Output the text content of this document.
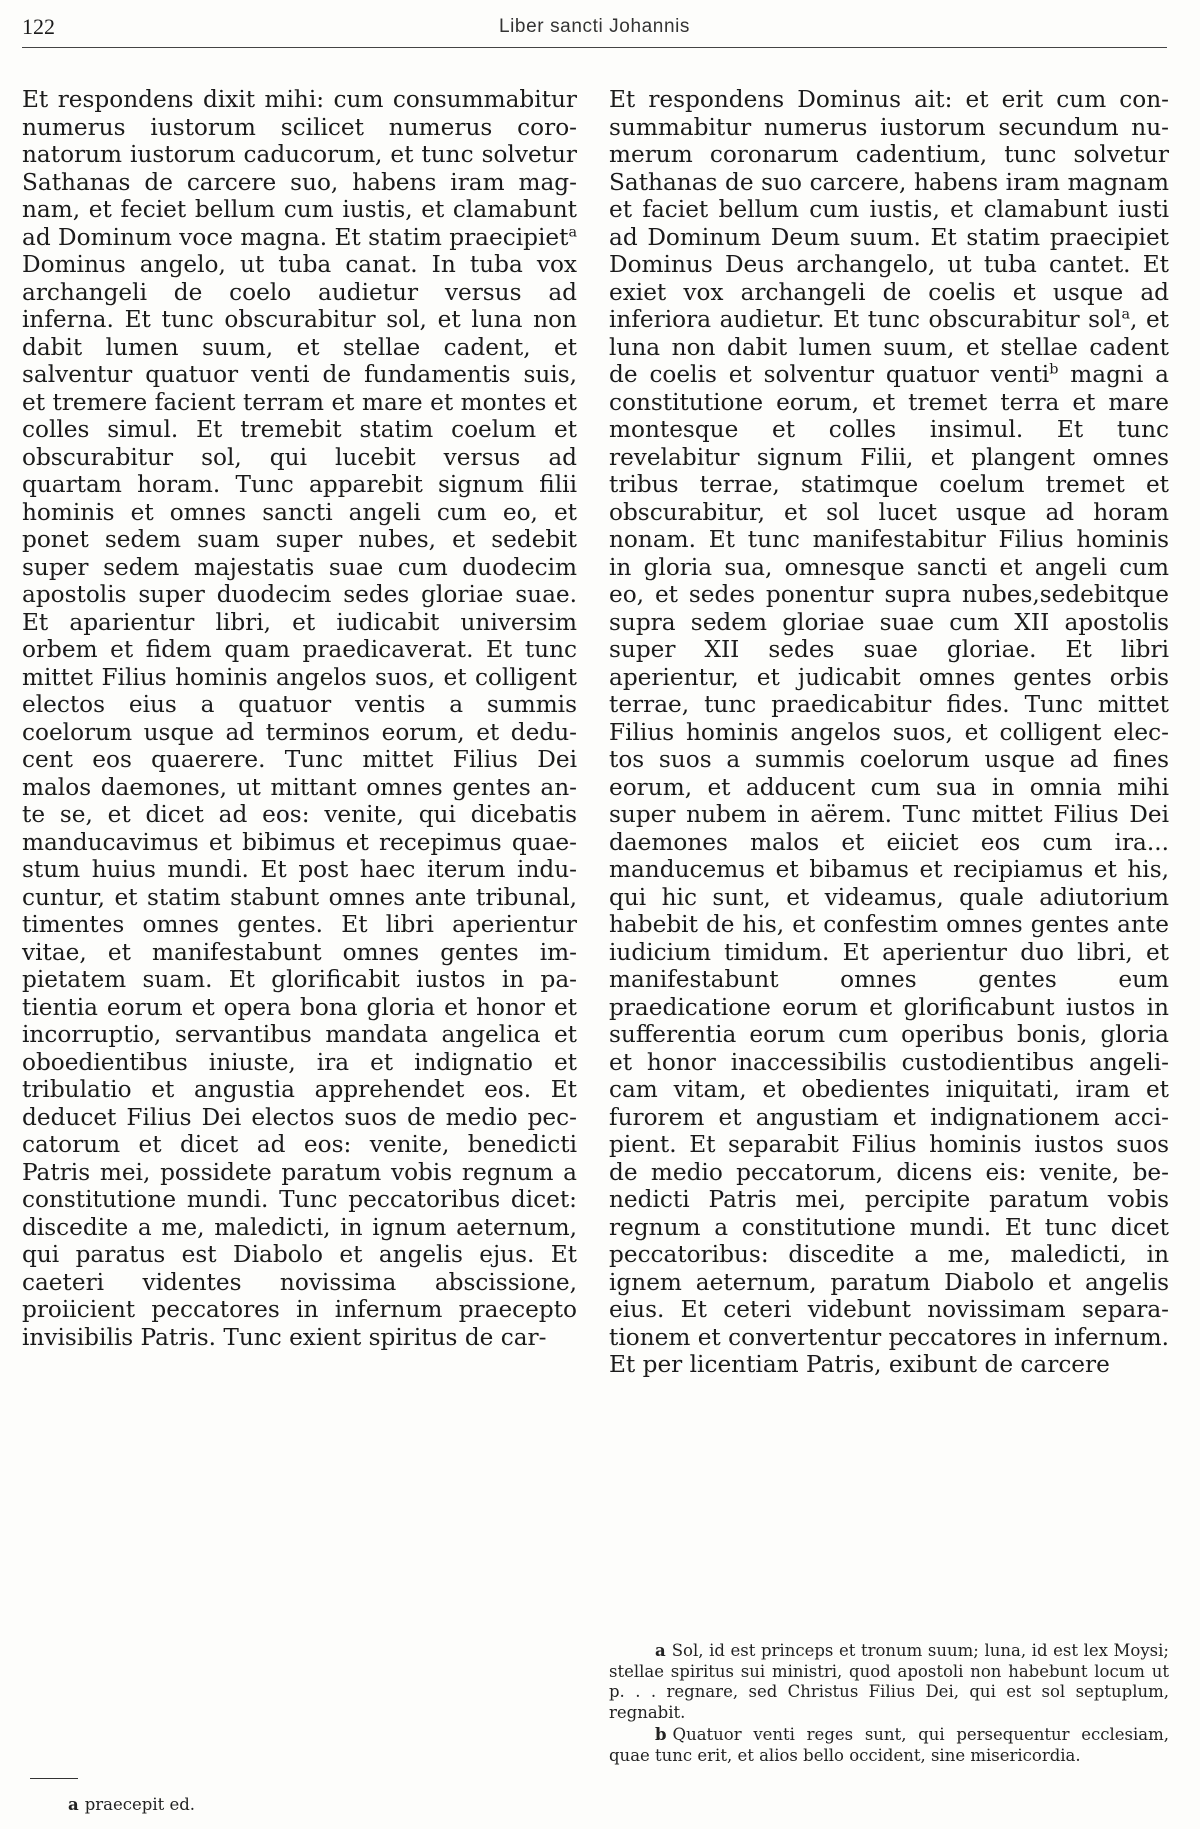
122	Liber sancti Johannis

Et respondens dixit mihi: cum consummabitur numerus iustorum scilicet numerus coronatorum iustorum caducorum, et tunc solvetur Sathanas de carcere suo, habens iram magnam, et feciet bellum cum iustis, et clamabunt ad Dominum voce magna. Et statim praecipiet$^a$ Dominus angelo, ut tuba canat. In tuba vox archangeli de coelo audietur versus ad inferna. Et tunc obscurabitur sol, et luna non dabit lumen suum, et stellae cadent, et salventur quatuor venti de fundamentis suis, et tremere facient terram et mare et montes et colles simul. Et tremebit statim coelum et obscurabitur sol, qui lucebit versus ad quartam horam. Tunc apparebit signum filii hominis et omnes sancti angeli cum eo, et ponet sedem suam super nubes, et sedebit super sedem majestatis suae cum duodecim apostolis super duodecim sedes gloriae suae. Et aparientur libri, et iudicabit universim orbem et fidem quam praedicaverat. Et tunc mittet Filius hominis angelos suos, et colligent electos eius a quatuor ventis a summis coelorum usque ad terminos eorum, et deducent eos quaerere. Tunc mittet Filius Dei malos daemones, ut mittant omnes gentes ante se, et dicet ad eos: venite, qui dicebatis manducavimus et bibimus et recepimus quaestum huius mundi. Et post haec iterum inducuntur, et statim stabunt omnes ante tribunal, timentes omnes gentes. Et libri aperientur vitae, et manifestabunt omnes gentes impietatem suam. Et glorificabit iustos in patientia eorum et opera bona gloria et honor et incorruptio, servantibus mandata angelica et oboedientibus iniuste, ira et indignatio et tribulatio et angustia apprehendet eos. Et deducet Filius Dei electos suos de medio peccatorum et dicet ad eos: venite, benedicti Patris mei, possidete paratum vobis regnum a constitutione mundi. Tunc peccatoribus dicet: discedite a me, maledicti, in ignum aeternum, qui paratus est Diabolo et angelis ejus. Et caeteri videntes novissima abscissione, proiicient peccatores in infernum praecepto invisibilis Patris. Tunc exient spiritus de car-

Et respondens Dominus ait: et erit cum consummabitur numerus iustorum secundum numerum coronarum cadentium, tunc solvetur Sathanas de suo carcere, habens iram magnam et faciet bellum cum iustis, et clamabunt iusti ad Dominum Deum suum. Et statim praecipiet Dominus Deus archangelo, ut tuba cantet. Et exiet vox archangeli de coelis et usque ad inferiora audietur. Et tunc obscurabitur sol$^a$, et luna non dabit lumen suum, et stellae cadent de coelis et solventur quatuor venti$^b$ magni a constitutione eorum, et tremet terra et mare montesque et colles insimul. Et tunc revelabitur signum Filii, et plangent omnes tribus terrae, statimque coelum tremet et obscurabitur, et sol lucet usque ad horam nonam. Et tunc manifestabitur Filius hominis in gloria sua, omnesque sancti et angeli cum eo, et sedes ponentur supra nubes,sedebitque supra sedem gloriae suae cum XII apostolis super XII sedes suae gloriae. Et libri aperientur, et judicabit omnes gentes orbis terrae, tunc praedicabitur fides. Tunc mittet Filius hominis angelos suos, et colligent electos suos a summis coelorum usque ad fines eorum, et adducent cum sua in omnia mihi super nubem in aërem. Tunc mittet Filius Dei daemones malos et eiiciet eos cum ira... manducemus et bibamus et recipiamus et his, qui hic sunt, et videamus, quale adiutorium habebit de his, et confestim omnes gentes ante iudicium timidum. Et aperientur duo libri, et manifestabunt omnes gentes eum praedicatione eorum et glorificabunt iustos in sufferentia eorum cum operibus bonis, gloria et honor inaccessibilis custodientibus angelicam vitam, et obedientes iniquitati, iram et furorem et angustiam et indignationem accipient. Et separabit Filius hominis iustos suos de medio peccatorum, dicens eis: venite, benedicti Patris mei, percipite paratum vobis regnum a constitutione mundi. Et tunc dicet peccatoribus: discedite a me, maledicti, in ignem aeternum, paratum Diabolo et angelis eius. Et ceteri videbunt novissimam separationem et convertentur peccatores in infernum. Et per licentiam Patris, exibunt de carcere

a Sol, id est princeps et tronum suum; luna, id est lex Moysi; stellae spiritus sui ministri, quod apostoli non habebunt locum ut p. . . regnare, sed Christus Filius Dei, qui est sol septuplum, regnabit.

b Quatuor venti reges sunt, qui persequentur ecclesiam, quae tunc erit, et alios bello occident, sine misericordia.

a praecepit ed.
